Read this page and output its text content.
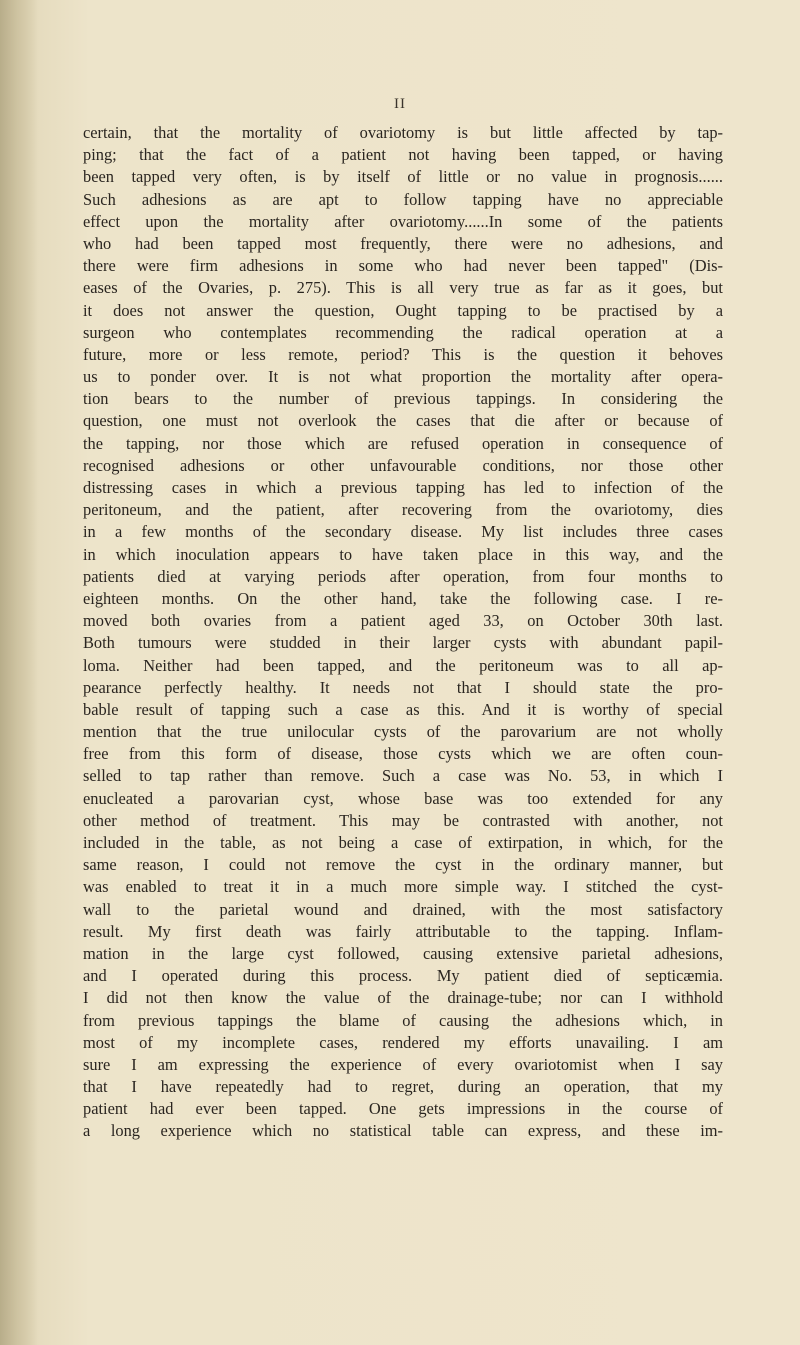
II
certain, that the mortality of ovariotomy is but little affected by tap-
ping; that the fact of a patient not having been tapped, or having
been tapped very often, is by itself of little or no value in prognosis......
Such adhesions as are apt to follow tapping have no appreciable
effect upon the mortality after ovariotomy......In some of the patients
who had been tapped most frequently, there were no adhesions, and
there were firm adhesions in some who had never been tapped" (Dis-
eases of the Ovaries, p. 275). This is all very true as far as it goes, but
it does not answer the question, Ought tapping to be practised by a
surgeon who contemplates recommending the radical operation at a
future, more or less remote, period? This is the question it behoves
us to ponder over. It is not what proportion the mortality after opera-
tion bears to the number of previous tappings. In considering the
question, one must not overlook the cases that die after or because of
the tapping, nor those which are refused operation in consequence of
recognised adhesions or other unfavourable conditions, nor those other
distressing cases in which a previous tapping has led to infection of the
peritoneum, and the patient, after recovering from the ovariotomy, dies
in a few months of the secondary disease. My list includes three cases
in which inoculation appears to have taken place in this way, and the
patients died at varying periods after operation, from four months to
eighteen months. On the other hand, take the following case. I re-
moved both ovaries from a patient aged 33, on October 30th last.
Both tumours were studded in their larger cysts with abundant papil-
loma. Neither had been tapped, and the peritoneum was to all ap-
pearance perfectly healthy. It needs not that I should state the pro-
bable result of tapping such a case as this. And it is worthy of special
mention that the true unilocular cysts of the parovarium are not wholly
free from this form of disease, those cysts which we are often coun-
selled to tap rather than remove. Such a case was No. 53, in which I
enucleated a parovarian cyst, whose base was too extended for any
other method of treatment. This may be contrasted with another, not
included in the table, as not being a case of extirpation, in which, for the
same reason, I could not remove the cyst in the ordinary manner, but
was enabled to treat it in a much more simple way. I stitched the cyst-
wall to the parietal wound and drained, with the most satisfactory
result. My first death was fairly attributable to the tapping. Inflam-
mation in the large cyst followed, causing extensive parietal adhesions,
and I operated during this process. My patient died of septicæmia.
I did not then know the value of the drainage-tube; nor can I withhold
from previous tappings the blame of causing the adhesions which, in
most of my incomplete cases, rendered my efforts unavailing. I am
sure I am expressing the experience of every ovariotomist when I say
that I have repeatedly had to regret, during an operation, that my
patient had ever been tapped. One gets impressions in the course of
a long experience which no statistical table can express, and these im-
